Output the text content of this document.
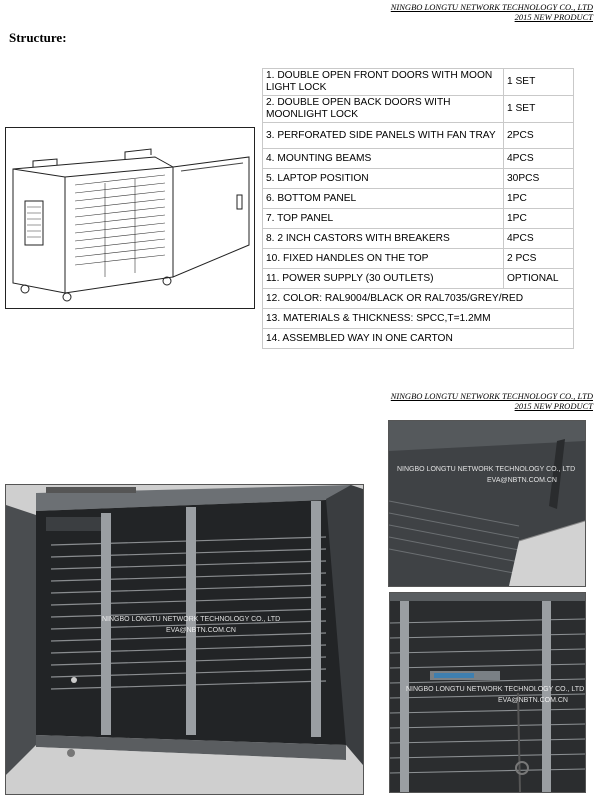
NINGBO LONGTU NETWORK TECHNOLOGY CO., LTD
2015 NEW PRODUCT
Structure:
1. DOUBLE OPEN FRONT DOORS WITH MOON LIGHT LOCK	1 SET
2. DOUBLE OPEN BACK DOORS WITH MOONLIGHT LOCK	1 SET
3. PERFORATED SIDE PANELS WITH FAN TRAY	2PCS
4. MOUNTING BEAMS	4PCS
5. LAPTOP POSITION	30PCS
6. BOTTOM PANEL	1PC
7. TOP PANEL	1PC
8. 2 INCH CASTORS WITH BREAKERS	4PCS
10. FIXED HANDLES ON THE TOP	2 PCS
11. POWER SUPPLY (30 OUTLETS)	OPTIONAL
12. COLOR: RAL9004/BLACK OR RAL7035/GREY/RED	
13. MATERIALS & THICKNESS: SPCC,T=1.2MM	
14. ASSEMBLED WAY IN ONE CARTON	
NINGBO LONGTU NETWORK TECHNOLOGY CO., LTD
2015 NEW PRODUCT
NINGBO LONGTU NETWORK TECHNOLOGY CO., LTD
EVA@NBTN.COM.CN
NINGBO LONGTU NETWORK TECHNOLOGY CO., LTD
EVA@NBTN.COM.CN
NINGBO LONGTU NETWORK TECHNOLOGY CO., LTD
EVA@NBTN.COM.CN
